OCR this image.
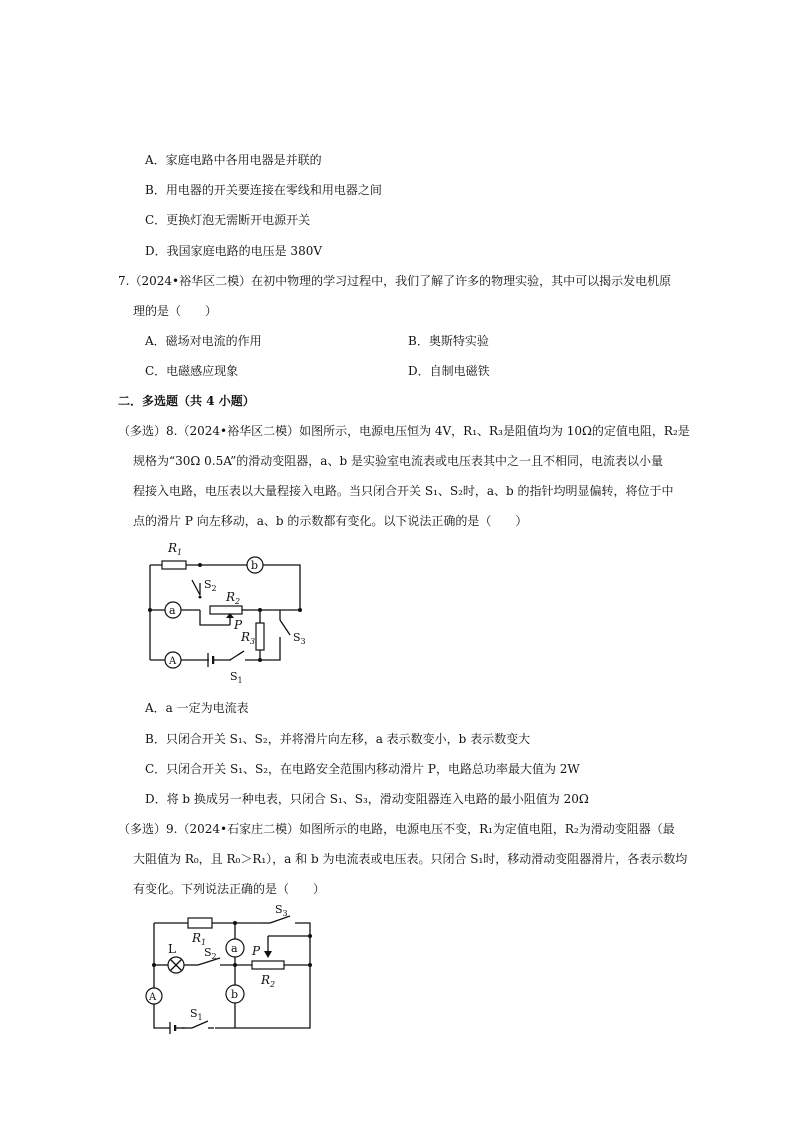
A．家庭电路中各用电器是并联的
B．用电器的开关要连接在零线和用电器之间
C．更换灯泡无需断开电源开关
D．我国家庭电路的电压是 380V
7.（2024•裕华区二模）在初中物理的学习过程中，我们了解了许多的物理实验，其中可以揭示发电机原
理的是（　　）
A．磁场对电流的作用	B．奥斯特实验
C．电磁感应现象	D．自制电磁铁
二．多选题（共 4 小题）
（多选）8.（2024•裕华区二模）如图所示，电源电压恒为 4V，R₁、R₃是阻值均为 10Ω的定值电阻，R₂是
规格为“30Ω 0.5A”的滑动变阻器，a、b 是实验室电流表或电压表其中之一且不相同，电流表以小量
程接入电路，电压表以大量程接入电路。当只闭合开关 S₁、S₂时，a、b 的指针均明显偏转，将位于中
点的滑片 P 向左移动，a、b 的示数都有变化。以下说法正确的是（　　）
$R_1$
b
a
$S_2$
$R_2$
P
$R_3$	$S_3$
A
$S_1$
A．a 一定为电流表
B．只闭合开关 S₁、S₂，并将滑片向左移，a 表示数变小，b 表示数变大
C．只闭合开关 S₁、S₂，在电路安全范围内移动滑片 P，电路总功率最大值为 2W
D．将 b 换成另一种电表，只闭合 S₁、S₃，滑动变阻器连入电路的最小阻值为 20Ω
（多选）9.（2024•石家庄二模）如图所示的电路，电源电压不变，R₁为定值电阻，R₂为滑动变阻器（最
大阻值为 R₀，且 R₀＞R₁），a 和 b 为电流表或电压表。只闭合 S₁时，移动滑动变阻器滑片，各表示数均
有变化。下列说法正确的是（　　）
L
$R_1$ a
b
A
$S_2$	P
$R_2$
$S_3$
$S_1$
